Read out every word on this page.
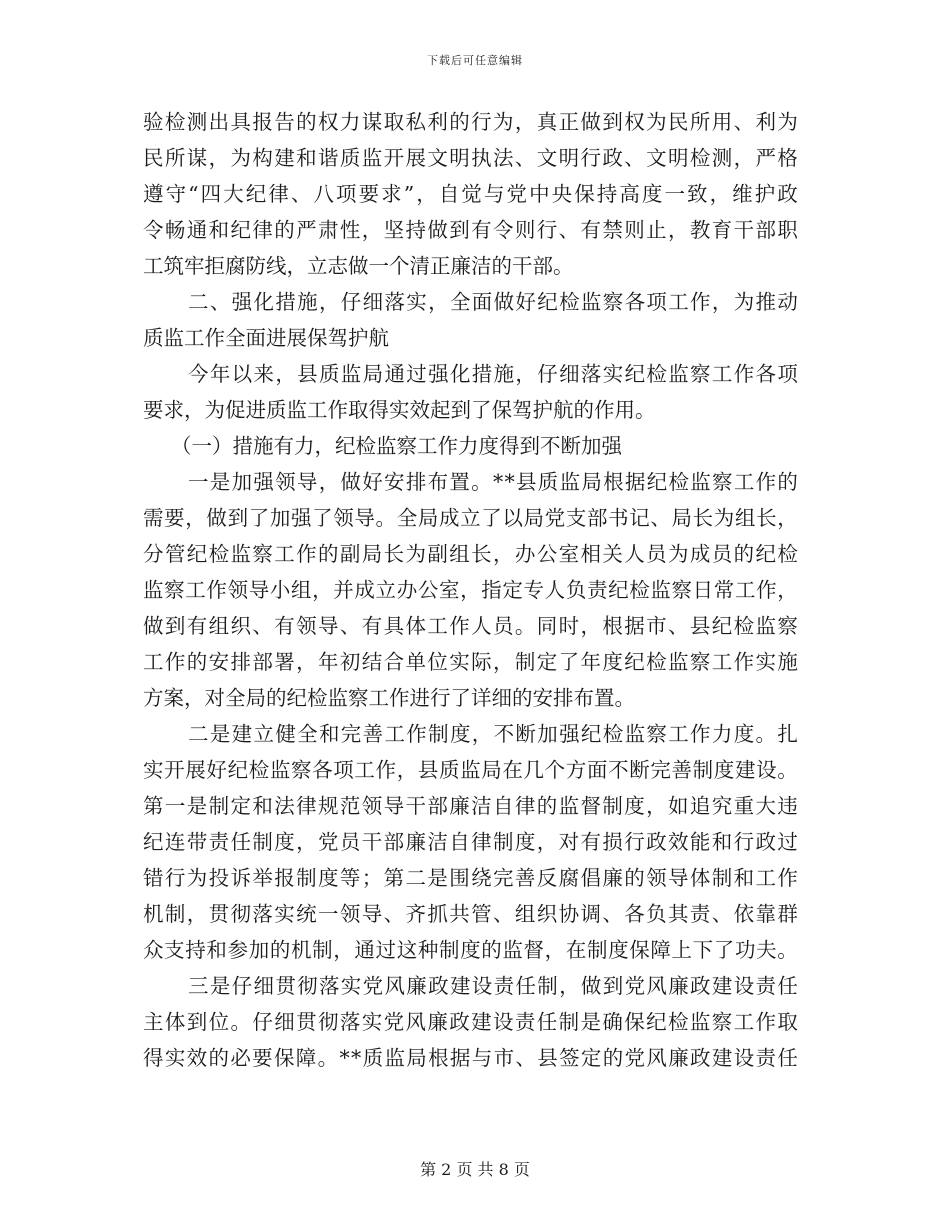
下载后可任意编辑
验 检 测 出 具 报 告 的 权 力 谋 取 私 利 的 行 为 ， 真 正 做 到 权 为 民 所 用 、 利 为
民 所 谋 ， 为 构 建 和 谐 质 监 开 展 文 明 执 法 、 文 明 行 政 、 文 明 检 测 ， 严 格
遵 守 “ 四 大 纪 律 、 八 项 要 求 ” ， 自 觉 与 党 中 央 保 持 高 度 一 致 ， 维 护 政
令 畅 通 和 纪 律 的 严 肃 性 ， 坚 持 做 到 有 令 则 行 、 有 禁 则 止 ， 教 育 干 部 职
工 筑 牢 拒 腐 防 线 ， 立 志 做 一 个 清 正 廉 洁 的 干 部 。
二 、 强 化 措 施 ， 仔 细 落 实 ， 全 面 做 好 纪 检 监 察 各 项 工 作 ， 为 推 动
质 监 工 作 全 面 进 展 保 驾 护 航
今 年 以 来 ， 县 质 监 局 通 过 强 化 措 施 ， 仔 细 落 实 纪 检 监 察 工 作 各 项
要 求 ， 为 促 进 质 监 工 作 取 得 实 效 起 到 了 保 驾 护 航 的 作 用 。
（ 一 ） 措 施 有 力 ， 纪 检 监 察 工 作 力 度 得 到 不 断 加 强
一 是 加 强 领 导 ， 做 好 安 排 布 置 。 * * 县 质 监 局 根 据 纪 检 监 察 工 作 的
需 要 ， 做 到 了 加 强 了 领 导 。 全 局 成 立 了 以 局 党 支 部 书 记 、 局 长 为 组 长 ，
分 管 纪 检 监 察 工 作 的 副 局 长 为 副 组 长 ， 办 公 室 相 关 人 员 为 成 员 的 纪 检
监 察 工 作 领 导 小 组 ， 并 成 立 办 公 室 ， 指 定 专 人 负 责 纪 检 监 察 日 常 工 作 ，
做 到 有 组 织 、 有 领 导 、 有 具 体 工 作 人 员 。 同 时 ， 根 据 市 、 县 纪 检 监 察
工 作 的 安 排 部 署 ， 年 初 结 合 单 位 实 际 ， 制 定 了 年 度 纪 检 监 察 工 作 实 施
方 案 ， 对 全 局 的 纪 检 监 察 工 作 进 行 了 详 细 的 安 排 布 置 。
二 是 建 立 健 全 和 完 善 工 作 制 度 ， 不 断 加 强 纪 检 监 察 工 作 力 度 。 扎
实 开 展 好 纪 检 监 察 各 项 工 作 ， 县 质 监 局 在 几 个 方 面 不 断 完 善 制 度 建 设 。
第 一 是 制 定 和 法 律 规 范 领 导 干 部 廉 洁 自 律 的 监 督 制 度 ， 如 追 究 重 大 违
纪 连 带 责 任 制 度 ， 党 员 干 部 廉 洁 自 律 制 度 ， 对 有 损 行 政 效 能 和 行 政 过
错 行 为 投 诉 举 报 制 度 等 ； 第 二 是 围 绕 完 善 反 腐 倡 廉 的 领 导 体 制 和 工 作
机 制 ， 贯 彻 落 实 统 一 领 导 、 齐 抓 共 管 、 组 织 协 调 、 各 负 其 责 、 依 靠 群
众 支 持 和 参 加 的 机 制 ， 通 过 这 种 制 度 的 监 督 ， 在 制 度 保 障 上 下 了 功 夫 。
三 是 仔 细 贯 彻 落 实 党 风 廉 政 建 设 责 任 制 ， 做 到 党 风 廉 政 建 设 责 任
主 体 到 位 。 仔 细 贯 彻 落 实 党 风 廉 政 建 设 责 任 制 是 确 保 纪 检 监 察 工 作 取
得 实 效 的 必 要 保 障 。 * * 质 监 局 根 据 与 市 、 县 签 定 的 党 风 廉 政 建 设 责 任
第 2 页 共 8 页
